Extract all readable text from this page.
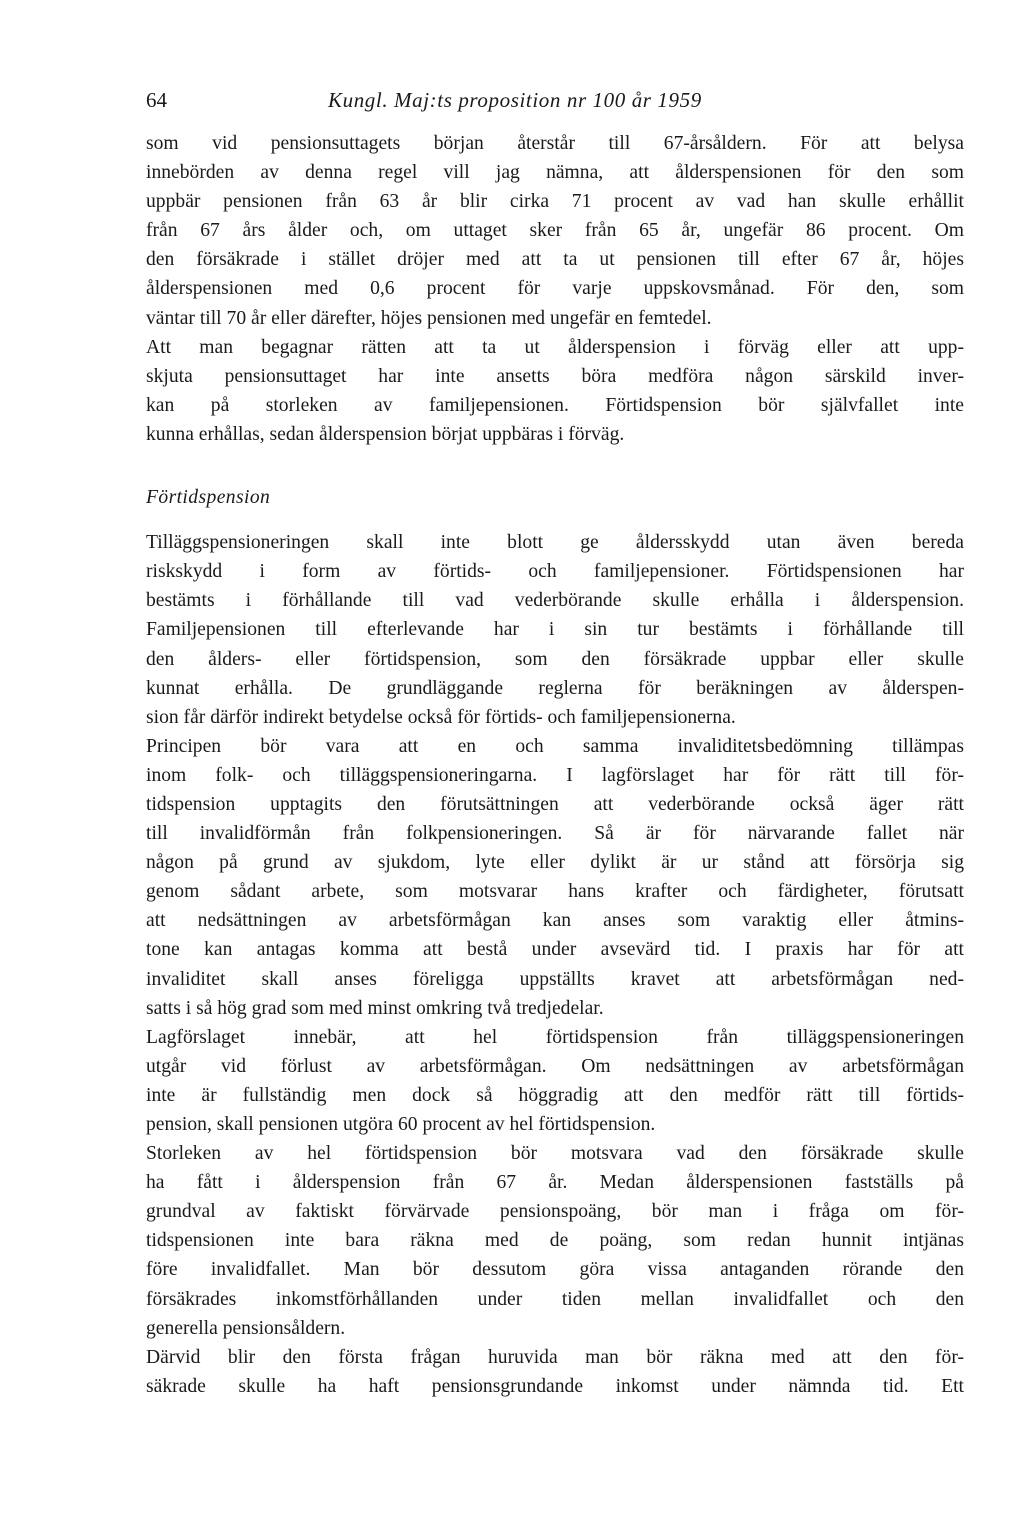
64	Kungl. Maj:ts proposition nr 100 år 1959
som vid pensionsuttagets början återstår till 67-årsåldern. För att belysa
innebörden av denna regel vill jag nämna, att ålderspensionen för den som
uppbär pensionen från 63 år blir cirka 71 procent av vad han skulle erhållit
från 67 års ålder och, om uttaget sker från 65 år, ungefär 86 procent. Om
den försäkrade i stället dröjer med att ta ut pensionen till efter 67 år, höjes
ålderspensionen med 0,6 procent för varje uppskovsmånad. För den, som
väntar till 70 år eller därefter, höjes pensionen med ungefär en femtedel.
Att man begagnar rätten att ta ut ålderspension i förväg eller att upp-
skjuta pensionsuttaget har inte ansetts böra medföra någon särskild inver-
kan på storleken av familjepensionen. Förtidspension bör självfallet inte
kunna erhållas, sedan ålderspension börjat uppbäras i förväg.
Förtidspension
Tilläggspensioneringen skall inte blott ge åldersskydd utan även bereda
riskskydd i form av förtids- och familjepensioner. Förtidspensionen har
bestämts i förhållande till vad vederbörande skulle erhålla i ålderspension.
Familjepensionen till efterlevande har i sin tur bestämts i förhållande till
den ålders- eller förtidspension, som den försäkrade uppbar eller skulle
kunnat erhålla. De grundläggande reglerna för beräkningen av ålderspen-
sion får därför indirekt betydelse också för förtids- och familjepensionerna.
Principen bör vara att en och samma invaliditetsbedömning tillämpas
inom folk- och tilläggspensioneringarna. I lagförslaget har för rätt till för-
tidspension upptagits den förutsättningen att vederbörande också äger rätt
till invalidförmån från folkpensioneringen. Så är för närvarande fallet när
någon på grund av sjukdom, lyte eller dylikt är ur stånd att försörja sig
genom sådant arbete, som motsvarar hans krafter och färdigheter, förutsatt
att nedsättningen av arbetsförmågan kan anses som varaktig eller åtmins-
tone kan antagas komma att bestå under avsevärd tid. I praxis har för att
invaliditet skall anses föreligga uppställts kravet att arbetsförmågan ned-
satts i så hög grad som med minst omkring två tredjedelar.
Lagförslaget innebär, att hel förtidspension från tilläggspensioneringen
utgår vid förlust av arbetsförmågan. Om nedsättningen av arbetsförmågan
inte är fullständig men dock så höggradig att den medför rätt till förtids-
pension, skall pensionen utgöra 60 procent av hel förtidspension.
Storleken av hel förtidspension bör motsvara vad den försäkrade skulle
ha fått i ålderspension från 67 år. Medan ålderspensionen fastställs på
grundval av faktiskt förvärvade pensionspoäng, bör man i fråga om för-
tidspensionen inte bara räkna med de poäng, som redan hunnit intjänas
före invalidfallet. Man bör dessutom göra vissa antaganden rörande den
försäkrades inkomstförhållanden under tiden mellan invalidfallet och den
generella pensionsåldern.
Därvid blir den första frågan huruvida man bör räkna med att den för-
säkrade skulle ha haft pensionsgrundande inkomst under nämnda tid. Ett
